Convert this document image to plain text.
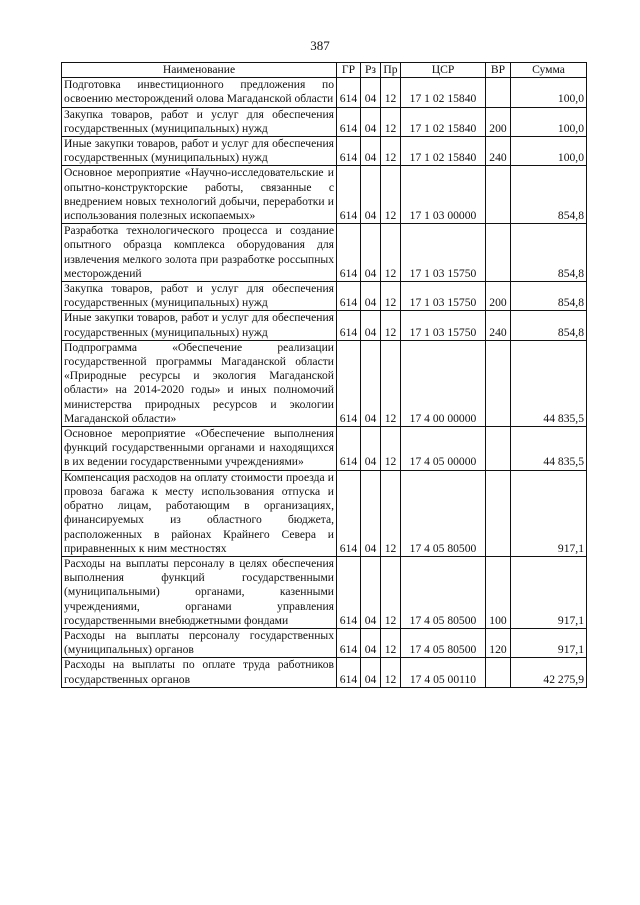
387
Наименование	ГР	Рз	Пр	ЦСР	ВР	Сумма
Подготовка инвестиционного предложения по освоению месторождений олова Магаданской области	614	04	12	17 1 02 15840		100,0
Закупка товаров, работ и услуг для обеспечения государственных (муниципальных) нужд	614	04	12	17 1 02 15840	200	100,0
Иные закупки товаров, работ и услуг для обеспечения государственных (муниципальных) нужд	614	04	12	17 1 02 15840	240	100,0
Основное мероприятие «Научно-исследовательские и опытно-конструкторские работы, связанные с внедрением новых технологий добычи, переработки и использования полезных ископаемых»	614	04	12	17 1 03 00000		854,8
Разработка технологического процесса и создание опытного образца комплекса оборудования для извлечения мелкого золота при разработке россыпных месторождений	614	04	12	17 1 03 15750		854,8
Закупка товаров, работ и услуг для обеспечения государственных (муниципальных) нужд	614	04	12	17 1 03 15750	200	854,8
Иные закупки товаров, работ и услуг для обеспечения государственных (муниципальных) нужд	614	04	12	17 1 03 15750	240	854,8
Подпрограмма «Обеспечение реализации государственной программы Магаданской области «Природные ресурсы и экология Магаданской области» на 2014-2020 годы» и иных полномочий министерства природных ресурсов и экологии Магаданской области»	614	04	12	17 4 00 00000		44 835,5
Основное мероприятие «Обеспечение выполнения функций государственными органами и находящихся в их ведении государственными учреждениями»	614	04	12	17 4 05 00000		44 835,5
Компенсация расходов на оплату стоимости проезда и провоза багажа к месту использования отпуска и обратно лицам, работающим в организациях, финансируемых из областного бюджета, расположенных в районах Крайнего Севера и приравненных к ним местностях	614	04	12	17 4 05 80500		917,1
Расходы на выплаты персоналу в целях обеспечения выполнения функций государственными (муниципальными) органами, казенными учреждениями, органами управления государственными внебюджетными фондами	614	04	12	17 4 05 80500	100	917,1
Расходы на выплаты персоналу государственных (муниципальных) органов	614	04	12	17 4 05 80500	120	917,1
Расходы на выплаты по оплате труда работников государственных органов	614	04	12	17 4 05 00110		42 275,9
